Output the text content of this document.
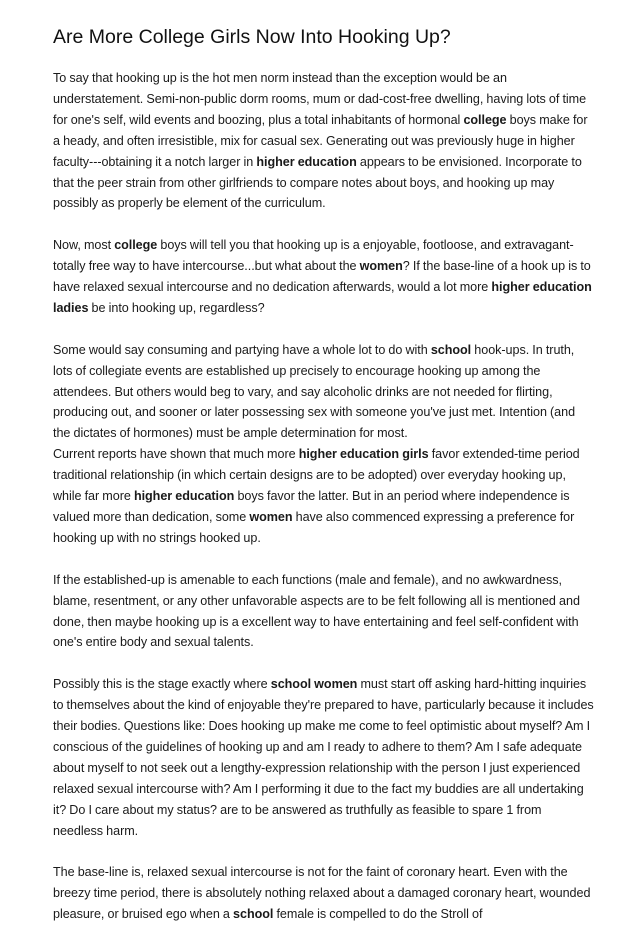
Are More College Girls Now Into Hooking Up?

To say that hooking up is the hot men norm instead than the exception would be an understatement. Semi-non-public dorm rooms, mum or dad-cost-free dwelling, having lots of time for one's self, wild events and boozing, plus a total inhabitants of hormonal college boys make for a heady, and often irresistible, mix for casual sex. Generating out was previously huge in higher faculty---obtaining it a notch larger in higher education appears to be envisioned. Incorporate to that the peer strain from other girlfriends to compare notes about boys, and hooking up may possibly as properly be element of the curriculum.

Now, most college boys will tell you that hooking up is a enjoyable, footloose, and extravagant-totally free way to have intercourse...but what about the women? If the base-line of a hook up is to have relaxed sexual intercourse and no dedication afterwards, would a lot more higher education ladies be into hooking up, regardless?

Some would say consuming and partying have a whole lot to do with school hook-ups. In truth, lots of collegiate events are established up precisely to encourage hooking up among the attendees. But others would beg to vary, and say alcoholic drinks are not needed for flirting, producing out, and sooner or later possessing sex with someone you've just met. Intention (and the dictates of hormones) must be ample determination for most.

Current reports have shown that much more higher education girls favor extended-time period traditional relationship (in which certain designs are to be adopted) over everyday hooking up, while far more higher education boys favor the latter. But in an period where independence is valued more than dedication, some women have also commenced expressing a preference for hooking up with no strings hooked up.

If the established-up is amenable to each functions (male and female), and no awkwardness, blame, resentment, or any other unfavorable aspects are to be felt following all is mentioned and done, then maybe hooking up is a excellent way to have entertaining and feel self-confident with one's entire body and sexual talents.

Possibly this is the stage exactly where school women must start off asking hard-hitting inquiries to themselves about the kind of enjoyable they're prepared to have, particularly because it includes their bodies. Questions like: Does hooking up make me come to feel optimistic about myself? Am I conscious of the guidelines of hooking up and am I ready to adhere to them? Am I safe adequate about myself to not seek out a lengthy-expression relationship with the person I just experienced relaxed sexual intercourse with? Am I performing it due to the fact my buddies are all undertaking it? Do I care about my status? are to be answered as truthfully as feasible to spare 1 from needless harm.

The base-line is, relaxed sexual intercourse is not for the faint of coronary heart. Even with the breezy time period, there is absolutely nothing relaxed about a damaged coronary heart, wounded pleasure, or bruised ego when a school female is compelled to do the Stroll of
